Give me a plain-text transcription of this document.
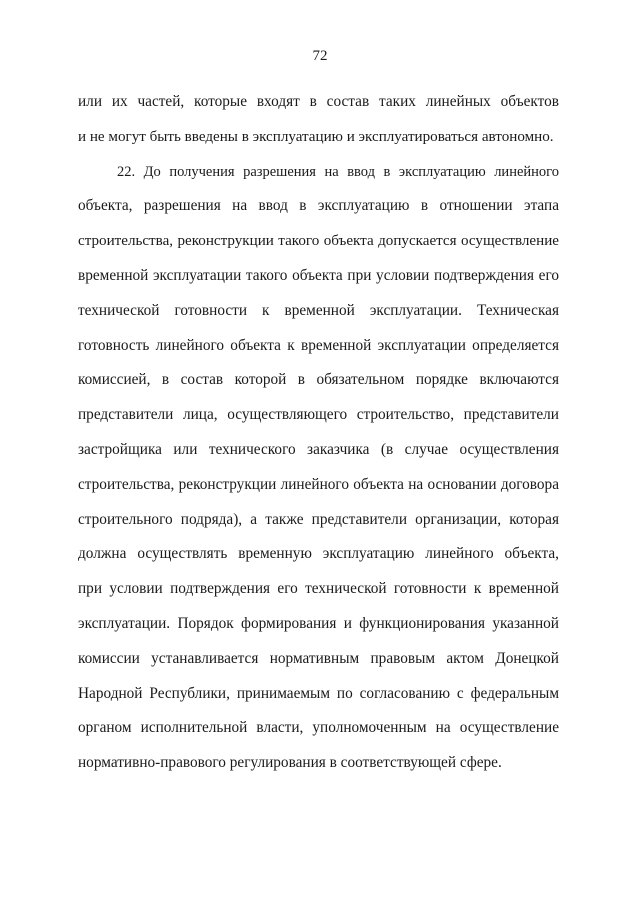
72
или их частей, которые входят в состав таких линейных объектов
и не могут быть введены в эксплуатацию и эксплуатироваться автономно.
22. До получения разрешения на ввод в эксплуатацию линейного
объекта, разрешения на ввод в эксплуатацию в отношении этапа
строительства, реконструкции такого объекта допускается осуществление
временной эксплуатации такого объекта при условии подтверждения его
технической готовности к временной эксплуатации. Техническая
готовность линейного объекта к временной эксплуатации определяется
комиссией, в состав которой в обязательном порядке включаются
представители лица, осуществляющего строительство, представители
застройщика или технического заказчика (в случае осуществления
строительства, реконструкции линейного объекта на основании договора
строительного подряда), а также представители организации, которая
должна осуществлять временную эксплуатацию линейного объекта,
при условии подтверждения его технической готовности к временной
эксплуатации. Порядок формирования и функционирования указанной
комиссии устанавливается нормативным правовым актом Донецкой
Народной Республики, принимаемым по согласованию с федеральным
органом исполнительной власти, уполномоченным на осуществление
нормативно-правового регулирования в соответствующей сфере.
